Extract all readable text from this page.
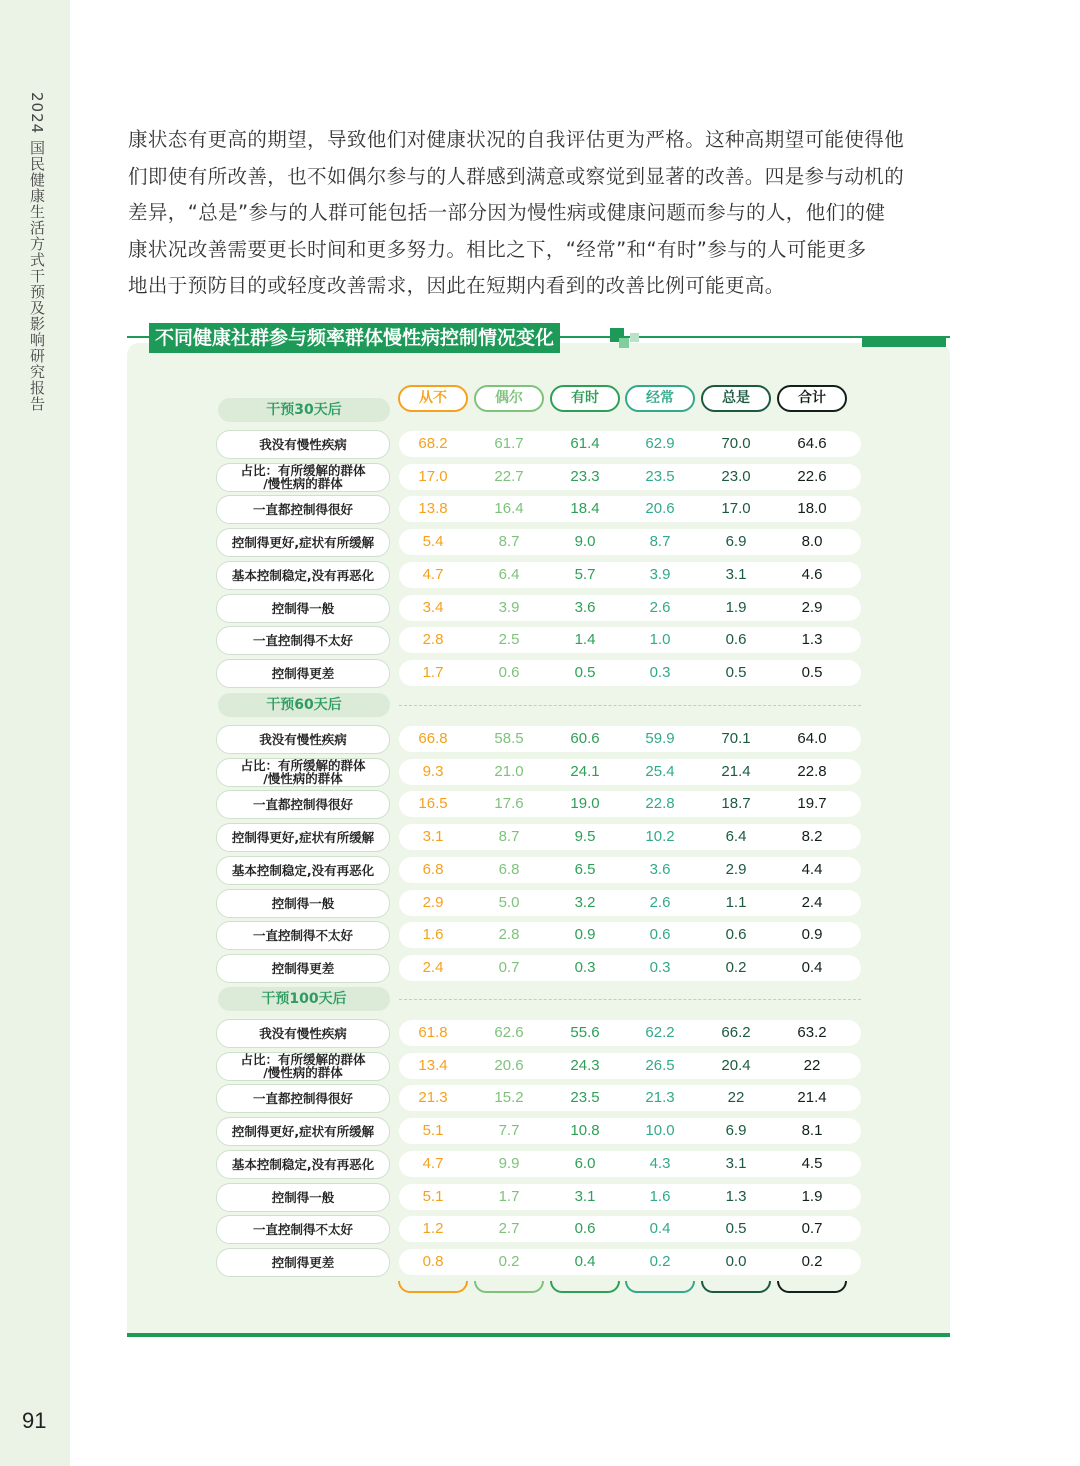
2024 国民健康生活方式干预及影响研究报告
91
康状态有更高的期望，导致他们对健康状况的自我评估更为严格。这种高期望可能使得他
们即使有所改善，也不如偶尔参与的人群感到满意或察觉到显著的改善。四是参与动机的
差异，“总是”参与的人群可能包括一部分因为慢性病或健康问题而参与的人，他们的健
康状况改善需要更长时间和更多努力。相比之下，“经常”和“有时”参与的人可能更多
地出于预防目的或轻度改善需求，因此在短期内看到的改善比例可能更高。
不同健康社群参与频率群体慢性病控制情况变化
从不	偶尔	有时	经常	总是	合计
干预30天后
我没有慢性疾病	68.2	61.7	61.4	62.9	70.0	64.6
占比：有所缓解的群体
/慢性病的群体	17.0	22.7	23.3	23.5	23.0	22.6
一直都控制得很好	13.8	16.4	18.4	20.6	17.0	18.0
控制得更好,症状有所缓解	5.4	8.7	9.0	8.7	6.9	8.0
基本控制稳定,没有再恶化	4.7	6.4	5.7	3.9	3.1	4.6
控制得一般	3.4	3.9	3.6	2.6	1.9	2.9
一直控制得不太好	2.8	2.5	1.4	1.0	0.6	1.3
控制得更差	1.7	0.6	0.5	0.3	0.5	0.5
干预60天后
我没有慢性疾病	66.8	58.5	60.6	59.9	70.1	64.0
占比：有所缓解的群体
/慢性病的群体	9.3	21.0	24.1	25.4	21.4	22.8
一直都控制得很好	16.5	17.6	19.0	22.8	18.7	19.7
控制得更好,症状有所缓解	3.1	8.7	9.5	10.2	6.4	8.2
基本控制稳定,没有再恶化	6.8	6.8	6.5	3.6	2.9	4.4
控制得一般	2.9	5.0	3.2	2.6	1.1	2.4
一直控制得不太好	1.6	2.8	0.9	0.6	0.6	0.9
控制得更差	2.4	0.7	0.3	0.3	0.2	0.4
干预100天后
我没有慢性疾病	61.8	62.6	55.6	62.2	66.2	63.2
占比：有所缓解的群体
/慢性病的群体	13.4	20.6	24.3	26.5	20.4	22
一直都控制得很好	21.3	15.2	23.5	21.3	22	21.4
控制得更好,症状有所缓解	5.1	7.7	10.8	10.0	6.9	8.1
基本控制稳定,没有再恶化	4.7	9.9	6.0	4.3	3.1	4.5
控制得一般	5.1	1.7	3.1	1.6	1.3	1.9
一直控制得不太好	1.2	2.7	0.6	0.4	0.5	0.7
控制得更差	0.8	0.2	0.4	0.2	0.0	0.2
